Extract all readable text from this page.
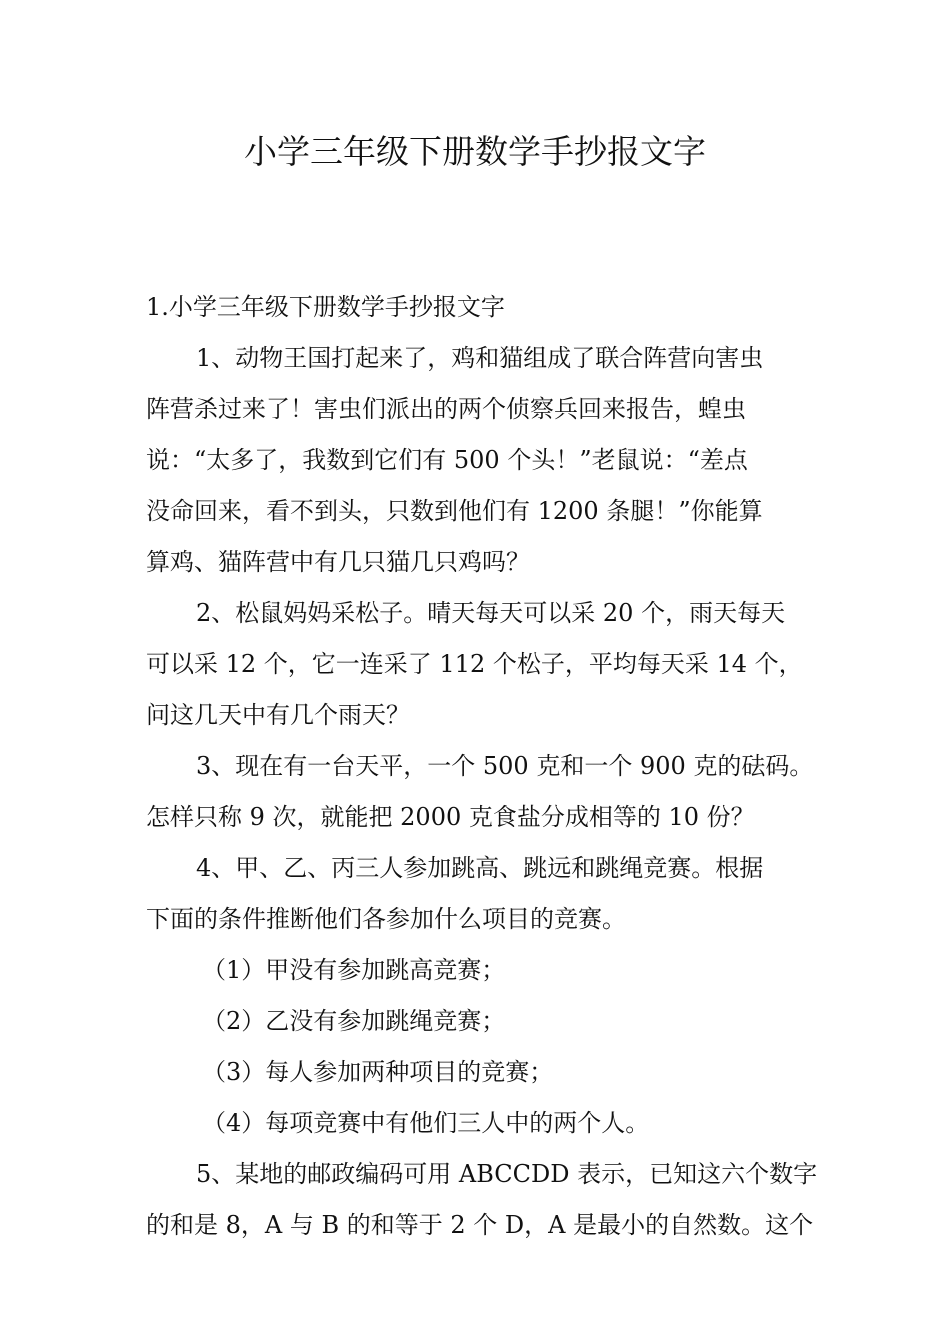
小学三年级下册数学手抄报文字

1.小学三年级下册数学手抄报文字

1、动物王国打起来了，鸡和猫组成了联合阵营向害虫

阵营杀过来了！害虫们派出的两个侦察兵回来报告，蝗虫

说：“太多了，我数到它们有 500 个头！”老鼠说：“差点

没命回来，看不到头，只数到他们有 1200 条腿！”你能算

算鸡、猫阵营中有几只猫几只鸡吗？

2、松鼠妈妈采松子。晴天每天可以采 20 个，雨天每天

可以采 12 个，它一连采了 112 个松子，平均每天采 14 个，

问这几天中有几个雨天？

3、现在有一台天平，一个 500 克和一个 900 克的砝码。

怎样只称 9 次，就能把 2000 克食盐分成相等的 10 份？

4、甲、乙、丙三人参加跳高、跳远和跳绳竞赛。根据

下面的条件推断他们各参加什么项目的竞赛。

（1）甲没有参加跳高竞赛；

（2）乙没有参加跳绳竞赛；

（3）每人参加两种项目的竞赛；

（4）每项竞赛中有他们三人中的两个人。

5、某地的邮政编码可用 ABCCDD 表示，已知这六个数字

的和是 8，A 与 B 的和等于 2 个 D，A 是最小的自然数。这个
